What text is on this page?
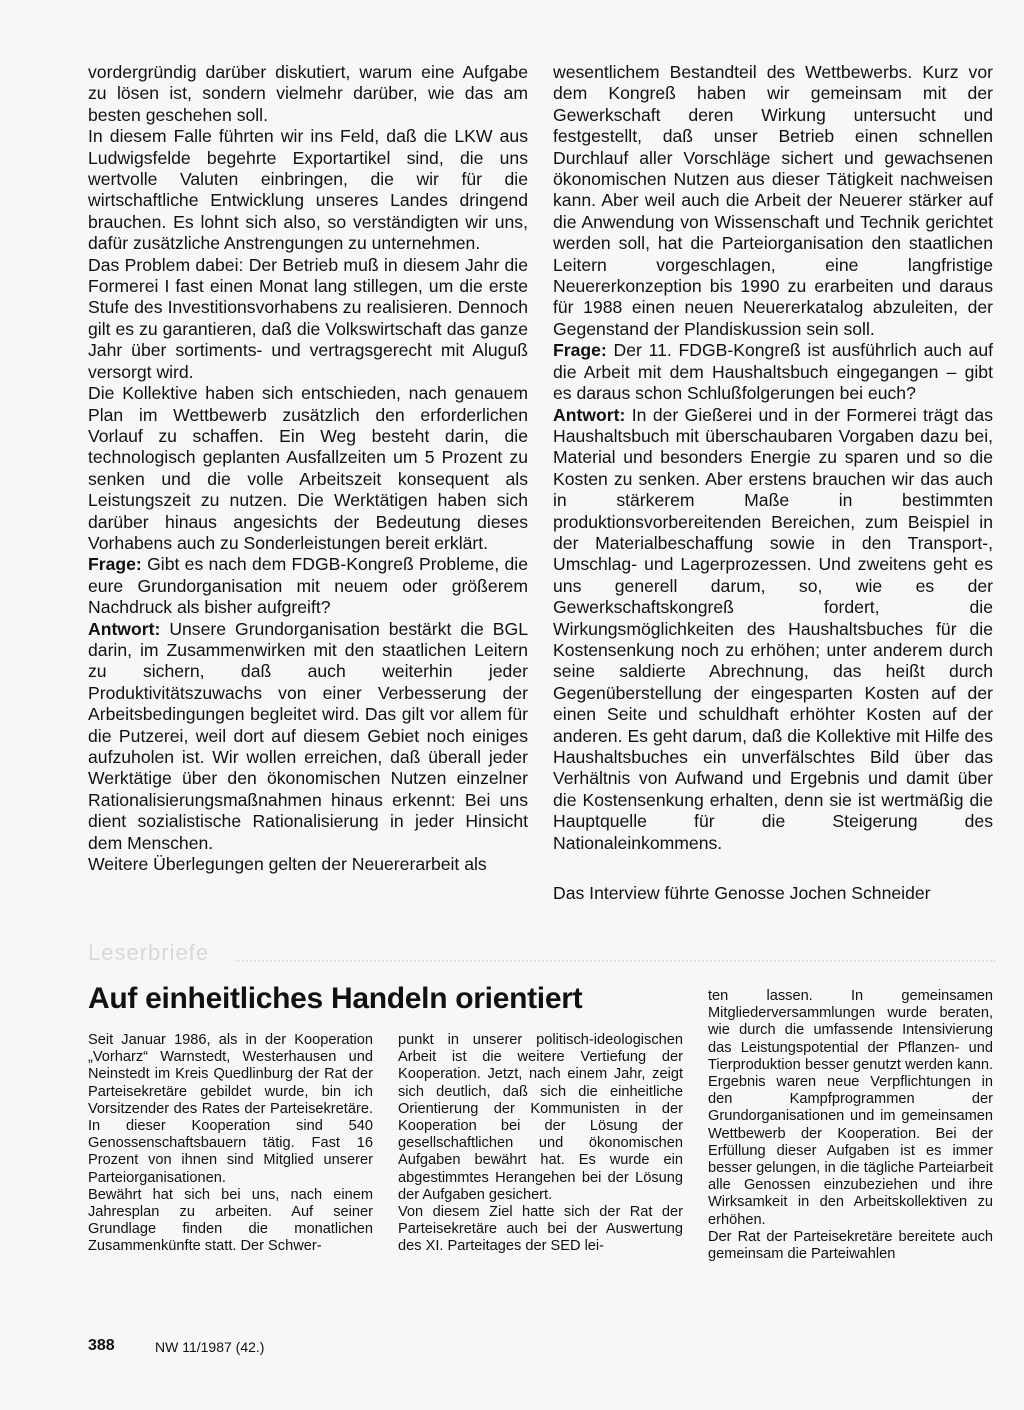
vordergründig darüber diskutiert, warum eine Aufgabe zu lösen ist, sondern vielmehr darüber, wie das am besten geschehen soll.

In diesem Falle führten wir ins Feld, daß die LKW aus Ludwigsfelde begehrte Exportartikel sind, die uns wertvolle Valuten einbringen, die wir für die wirtschaftliche Entwicklung unseres Landes dringend brauchen. Es lohnt sich also, so verständigten wir uns, dafür zusätzliche Anstrengungen zu unternehmen.

Das Problem dabei: Der Betrieb muß in diesem Jahr die Formerei I fast einen Monat lang stillegen, um die erste Stufe des Investitionsvorhabens zu realisieren. Dennoch gilt es zu garantieren, daß die Volkswirtschaft das ganze Jahr über sortiments- und vertragsgerecht mit Aluguß versorgt wird.

Die Kollektive haben sich entschieden, nach genauem Plan im Wettbewerb zusätzlich den erforderlichen Vorlauf zu schaffen. Ein Weg besteht darin, die technologisch geplanten Ausfallzeiten um 5 Prozent zu senken und die volle Arbeitszeit konsequent als Leistungszeit zu nutzen. Die Werktätigen haben sich darüber hinaus angesichts der Bedeutung dieses Vorhabens auch zu Sonderleistungen bereit erklärt.

Frage: Gibt es nach dem FDGB-Kongreß Probleme, die eure Grundorganisation mit neuem oder größerem Nachdruck als bisher aufgreift?

Antwort: Unsere Grundorganisation bestärkt die BGL darin, im Zusammenwirken mit den staatlichen Leitern zu sichern, daß auch weiterhin jeder Produktivitätszuwachs von einer Verbesserung der Arbeitsbedingungen begleitet wird. Das gilt vor allem für die Putzerei, weil dort auf diesem Gebiet noch einiges aufzuholen ist. Wir wollen erreichen, daß überall jeder Werktätige über den ökonomischen Nutzen einzelner Rationalisierungsmaßnahmen hinaus erkennt: Bei uns dient sozialistische Rationalisierung in jeder Hinsicht dem Menschen.

Weitere Überlegungen gelten der Neuererarbeit als

wesentlichem Bestandteil des Wettbewerbs. Kurz vor dem Kongreß haben wir gemeinsam mit der Gewerkschaft deren Wirkung untersucht und festgestellt, daß unser Betrieb einen schnellen Durchlauf aller Vorschläge sichert und gewachsenen ökonomischen Nutzen aus dieser Tätigkeit nachweisen kann. Aber weil auch die Arbeit der Neuerer stärker auf die Anwendung von Wissenschaft und Technik gerichtet werden soll, hat die Parteiorganisation den staatlichen Leitern vorgeschlagen, eine langfristige Neuererkonzeption bis 1990 zu erarbeiten und daraus für 1988 einen neuen Neuererkatalog abzuleiten, der Gegenstand der Plandiskussion sein soll.

Frage: Der 11. FDGB-Kongreß ist ausführlich auch auf die Arbeit mit dem Haushaltsbuch eingegangen – gibt es daraus schon Schlußfolgerungen bei euch?

Antwort: In der Gießerei und in der Formerei trägt das Haushaltsbuch mit überschaubaren Vorgaben dazu bei, Material und besonders Energie zu sparen und so die Kosten zu senken. Aber erstens brauchen wir das auch in stärkerem Maße in bestimmten produktionsvorbereitenden Bereichen, zum Beispiel in der Materialbeschaffung sowie in den Transport-, Umschlag- und Lagerprozessen. Und zweitens geht es uns generell darum, so, wie es der Gewerkschaftskongreß fordert, die Wirkungsmöglichkeiten des Haushaltsbuches für die Kostensenkung noch zu erhöhen; unter anderem durch seine saldierte Abrechnung, das heißt durch Gegenüberstellung der eingesparten Kosten auf der einen Seite und schuldhaft erhöhter Kosten auf der anderen. Es geht darum, daß die Kollektive mit Hilfe des Haushaltsbuches ein unverfälschtes Bild über das Verhältnis von Aufwand und Ergebnis und damit über die Kostensenkung erhalten, denn sie ist wertmäßig die Hauptquelle für die Steigerung des Nationaleinkommens.

Das Interview führte Genosse Jochen Schneider
Leserbriefe
Auf einheitliches Handeln orientiert

Seit Januar 1986, als in der Kooperation „Vorharz“ Warnstedt, Westerhausen und Neinstedt im Kreis Quedlinburg der Rat der Parteisekretäre gebildet wurde, bin ich Vorsitzender des Rates der Parteisekretäre. In dieser Kooperation sind 540 Genossenschaftsbauern tätig. Fast 16 Prozent von ihnen sind Mitglied unserer Parteiorganisationen.

Bewährt hat sich bei uns, nach einem Jahresplan zu arbeiten. Auf seiner Grundlage finden die monatlichen Zusammenkünfte statt. Der Schwer-

punkt in unserer politisch-ideologischen Arbeit ist die weitere Vertiefung der Kooperation. Jetzt, nach einem Jahr, zeigt sich deutlich, daß sich die einheitliche Orientierung der Kommunisten in der Kooperation bei der Lösung der gesellschaftlichen und ökonomischen Aufgaben bewährt hat. Es wurde ein abgestimmtes Herangehen bei der Lösung der Aufgaben gesichert.

Von diesem Ziel hatte sich der Rat der Parteisekretäre auch bei der Auswertung des XI. Parteitages der SED lei-

ten lassen. In gemeinsamen Mitgliederversammlungen wurde beraten, wie durch die umfassende Intensivierung das Leistungspotential der Pflanzen- und Tierproduktion besser genutzt werden kann. Ergebnis waren neue Verpflichtungen in den Kampfprogrammen der Grundorganisationen und im gemeinsamen Wettbewerb der Kooperation. Bei der Erfüllung dieser Aufgaben ist es immer besser gelungen, in die tägliche Parteiarbeit alle Genossen einzubeziehen und ihre Wirksamkeit in den Arbeitskollektiven zu erhöhen.

Der Rat der Parteisekretäre bereitete auch gemeinsam die Parteiwahlen

388	NW 11/1987 (42.)
